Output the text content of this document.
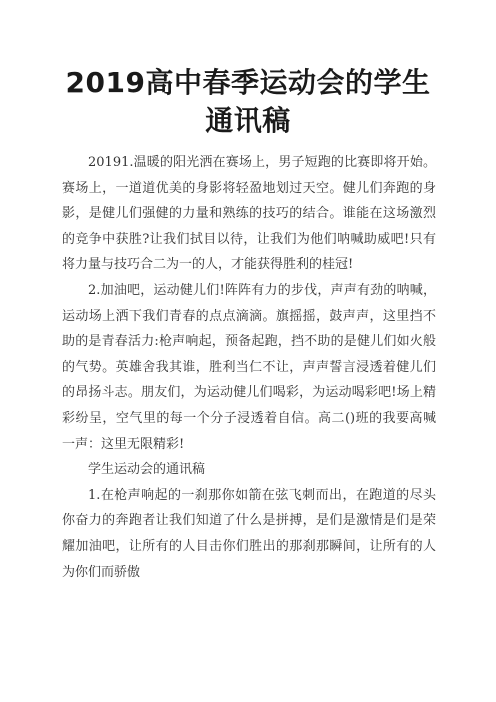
2019高中春季运动会的学生
通讯稿

20191.温暖的阳光洒在赛场上，男子短跑的比赛即将开始。赛场上，一道道优美的身影将轻盈地划过天空。健儿们奔跑的身影，是健儿们强健的力量和熟练的技巧的结合。谁能在这场激烈的竞争中获胜?让我们拭目以待，让我们为他们呐喊助威吧!只有将力量与技巧合二为一的人，才能获得胜利的桂冠!

2.加油吧，运动健儿们!阵阵有力的步伐，声声有劲的呐喊，运动场上洒下我们青春的点点滴滴。旗摇摇，鼓声声，这里挡不助的是青春活力:枪声响起，预备起跑，挡不助的是健儿们如火般的气势。英雄舍我其谁，胜利当仁不让，声声誓言浸透着健儿们的昂扬斗志。朋友们，为运动健儿们喝彩，为运动喝彩吧!场上精彩纷呈，空气里的每一个分子浸透着自信。高二()班的我要高喊一声：这里无限精彩!

学生运动会的通讯稿

1.在枪声响起的一刹那你如箭在弦飞刺而出，在跑道的尽头你奋力的奔跑者让我们知道了什么是拼搏，是们是激情是们是荣耀加油吧，让所有的人目击你们胜出的那刹那瞬间，让所有的人为你们而骄傲
